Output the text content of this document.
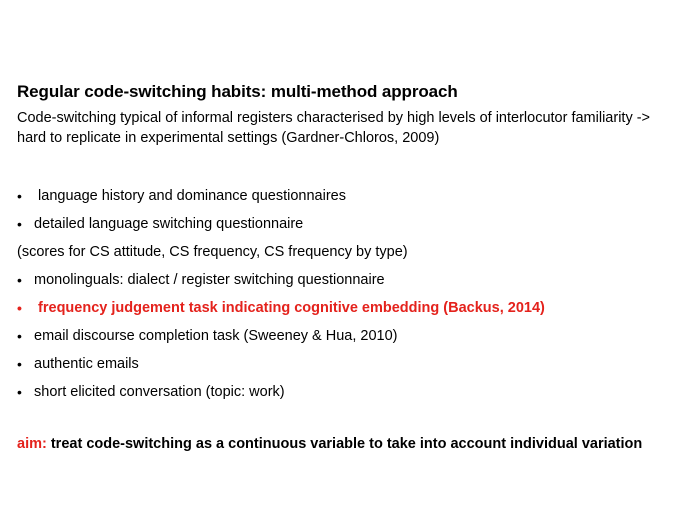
Regular code-switching habits: multi-method approach
Code-switching typical of informal registers characterised by high levels of interlocutor familiarity -> hard to replicate in experimental settings (Gardner-Chloros, 2009)
• language history and dominance questionnaires
• detailed language switching questionnaire
(scores for CS attitude, CS frequency, CS frequency by type)
• monolinguals: dialect / register switching questionnaire
• frequency judgement task indicating cognitive embedding (Backus, 2014)
• email discourse completion task (Sweeney & Hua, 2010)
• authentic emails
• short elicited conversation (topic: work)
aim: treat code-switching as a continuous variable to take into account individual variation
